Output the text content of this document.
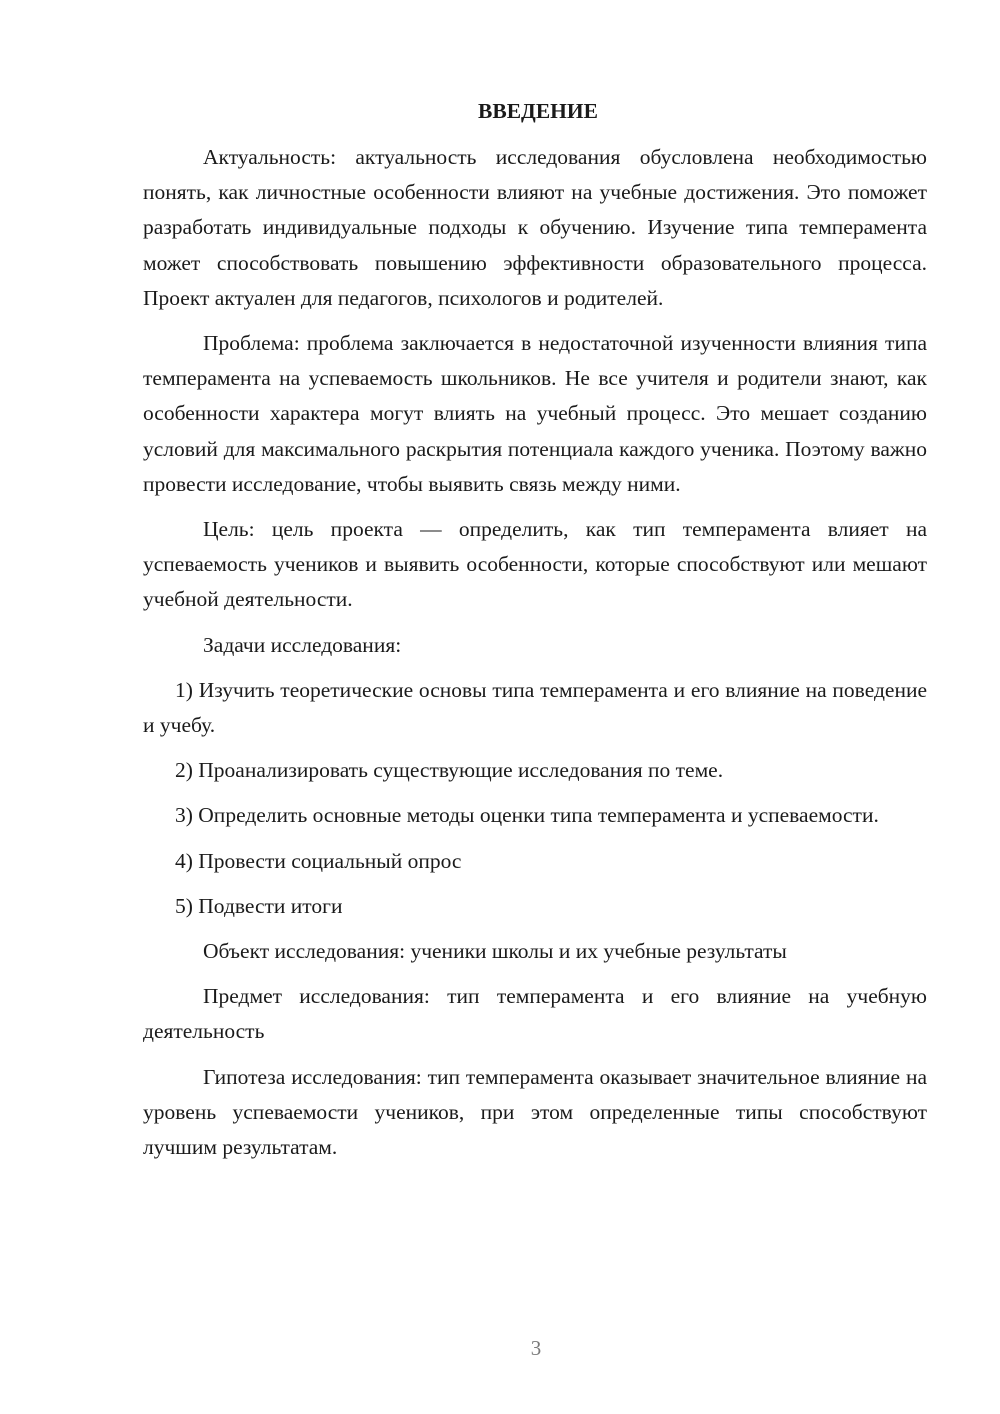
ВВЕДЕНИЕ

Актуальность: актуальность исследования обусловлена необходимостью понять, как личностные особенности влияют на учебные достижения. Это поможет разработать индивидуальные подходы к обучению. Изучение типа темперамента может способствовать повышению эффективности образовательного процесса. Проект актуален для педагогов, психологов и родителей.

Проблема: проблема заключается в недостаточной изученности влияния типа темперамента на успеваемость школьников. Не все учителя и родители знают, как особенности характера могут влиять на учебный процесс. Это мешает созданию условий для максимального раскрытия потенциала каждого ученика. Поэтому важно провести исследование, чтобы выявить связь между ними.

Цель: цель проекта — определить, как тип темперамента влияет на успеваемость учеников и выявить особенности, которые способствуют или мешают учебной деятельности.

Задачи исследования:

1) Изучить теоретические основы типа темперамента и его влияние на поведение и учебу.

2) Проанализировать существующие исследования по теме.

3) Определить основные методы оценки типа темперамента и успеваемости.

4) Провести социальный опрос

5) Подвести итоги

Объект исследования: ученики школы и их учебные результаты

Предмет исследования: тип темперамента и его влияние на учебную деятельность

Гипотеза исследования: тип темперамента оказывает значительное влияние на уровень успеваемости учеников, при этом определенные типы способствуют лучшим результатам.

3
